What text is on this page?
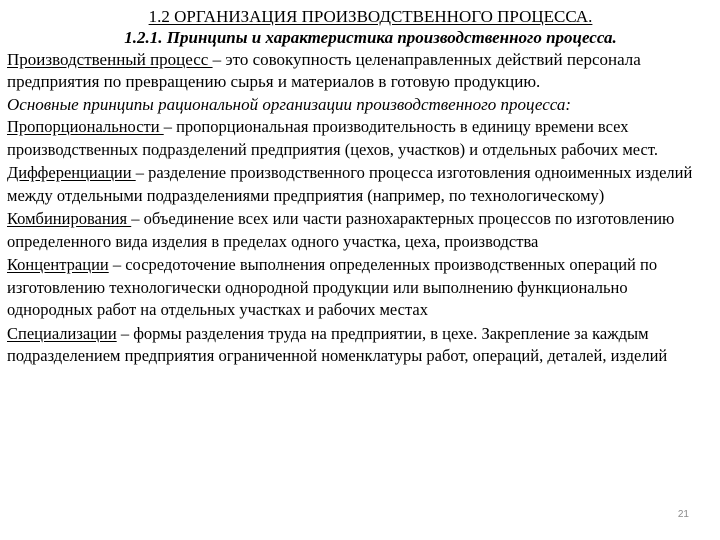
1.2 ОРГАНИЗАЦИЯ ПРОИЗВОДСТВЕННОГО ПРОЦЕССА.
1.2.1. Принципы и характеристика производственного процесса.

Производственный процесс – это совокупность целенаправленных действий персонала предприятия по превращению сырья и материалов в готовую продукцию.

Основные принципы рациональной организации производственного процесса:

Пропорциональности – пропорциональная производительность в единицу времени всех производственных подразделений предприятия (цехов, участков) и отдельных рабочих мест.

Дифференциации – разделение производственного процесса изготовления одноименных изделий между отдельными подразделениями предприятия (например, по технологическому)

Комбинирования – объединение всех или части разнохарактерных процессов по изготовлению определенного вида изделия в пределах одного участка, цеха, производства

Концентрации – сосредоточение выполнения определенных производственных операций по изготовлению технологически однородной продукции или выполнению функционально однородных работ на отдельных участках и рабочих местах

Специализации – формы разделения труда на предприятии, в цехе. Закрепление за каждым подразделением предприятия ограниченной номенклатуры работ, операций, деталей, изделий

21
